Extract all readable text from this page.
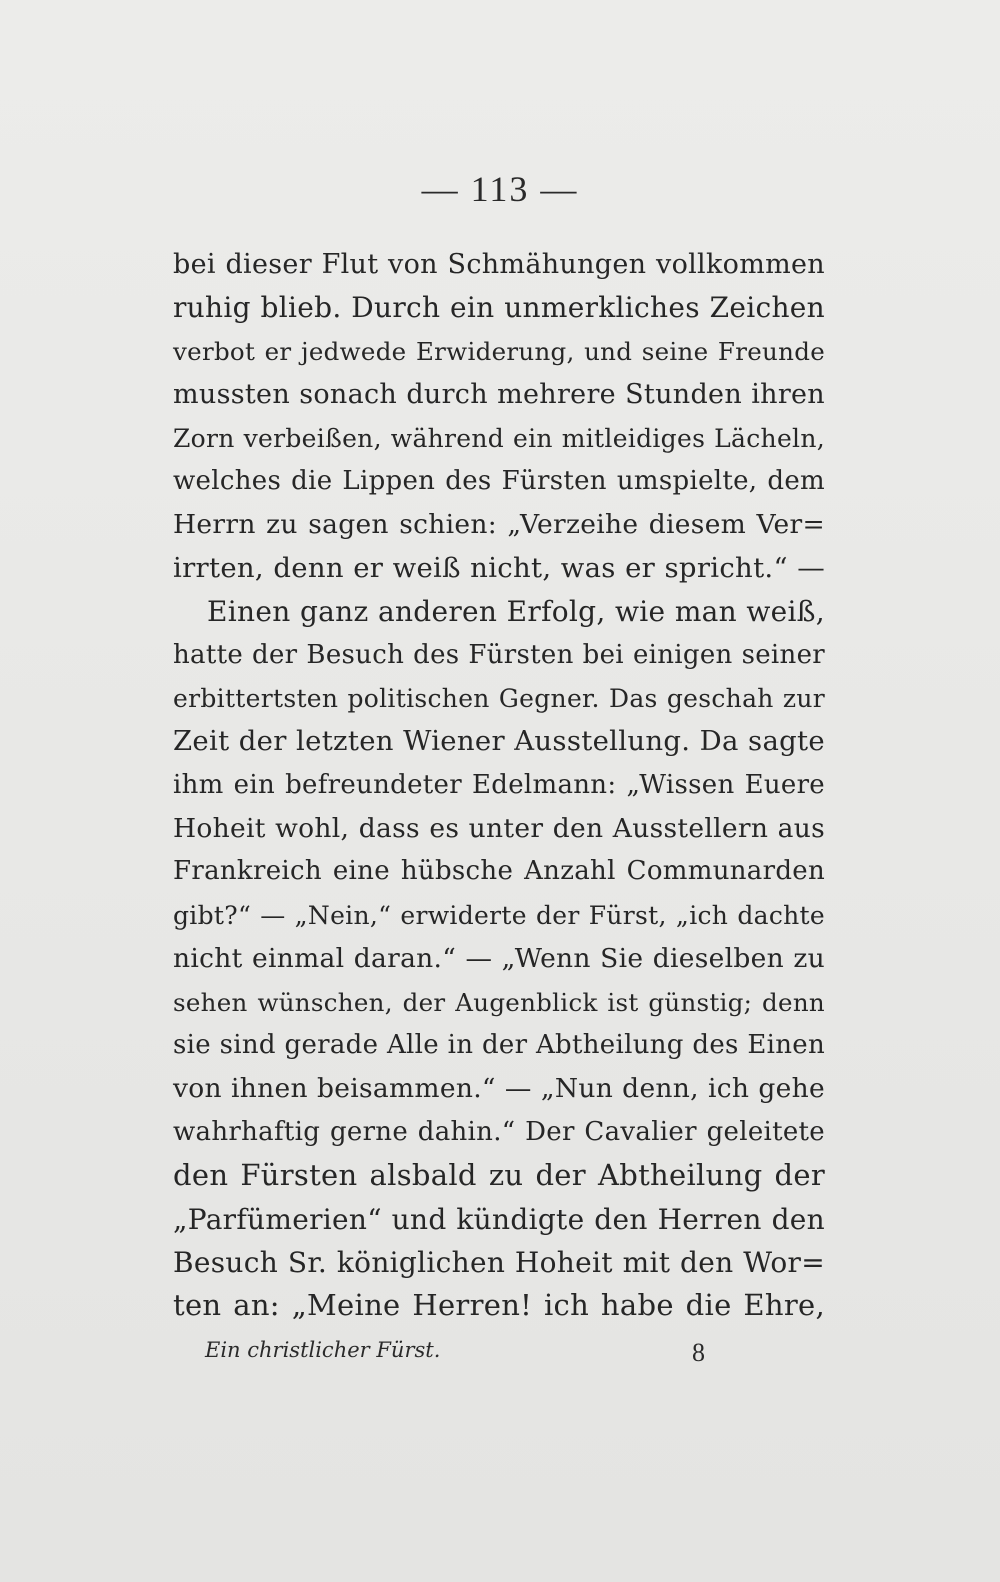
— 113 —
bei dieser Flut von Schmähungen vollkommen
ruhig blieb. Durch ein unmerkliches Zeichen
verbot er jedwede Erwiderung, und seine Freunde
mussten sonach durch mehrere Stunden ihren
Zorn verbeißen, während ein mitleidiges Lächeln,
welches die Lippen des Fürsten umspielte, dem
Herrn zu sagen schien: „Verzeihe diesem Ver=
irrten, denn er weiß nicht, was er spricht.“ —
Einen ganz anderen Erfolg, wie man weiß,
hatte der Besuch des Fürsten bei einigen seiner
erbittertsten politischen Gegner. Das geschah zur
Zeit der letzten Wiener Ausstellung. Da sagte
ihm ein befreundeter Edelmann: „Wissen Euere
Hoheit wohl, dass es unter den Ausstellern aus
Frankreich eine hübsche Anzahl Communarden
gibt?“ — „Nein,“ erwiderte der Fürst, „ich dachte
nicht einmal daran.“ — „Wenn Sie dieselben zu
sehen wünschen, der Augenblick ist günstig; denn
sie sind gerade Alle in der Abtheilung des Einen
von ihnen beisammen.“ — „Nun denn, ich gehe
wahrhaftig gerne dahin.“ Der Cavalier geleitete
den Fürsten alsbald zu der Abtheilung der
„Parfümerien“ und kündigte den Herren den
Besuch Sr. königlichen Hoheit mit den Wor=
ten an: „Meine Herren! ich habe die Ehre,
Ein christlicher Fürst.	8
